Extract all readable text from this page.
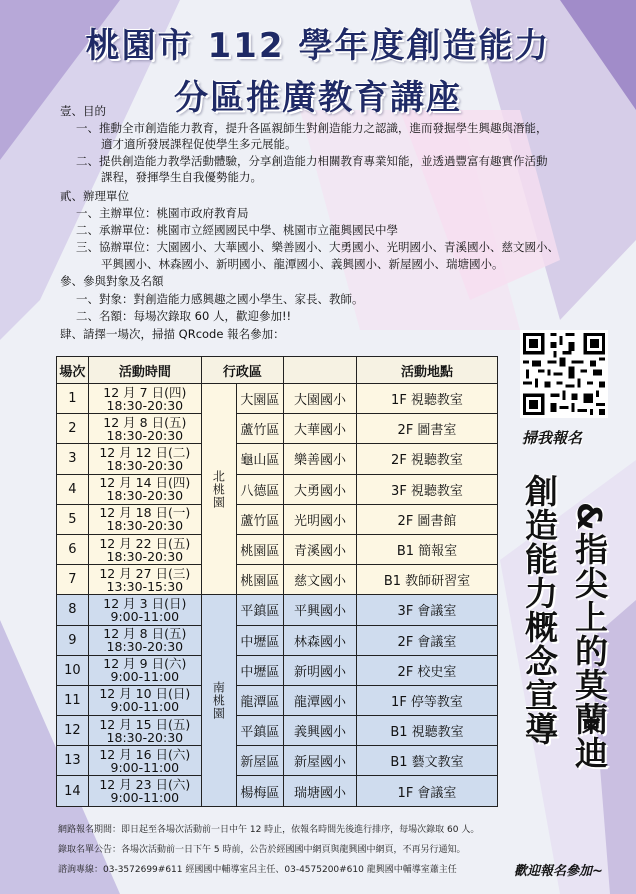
桃園市 112 學年度創造能力
分區推廣教育講座
壹、目的
一、推動全市創造能力教育，提升各區親師生對創造能力之認識，進而發掘學生興趣與潛能，
適才適所發展課程促使學生多元展能。
二、提供創造能力教學活動體驗，分享創造能力相關教育專業知能，並透過豐富有趣實作活動
課程，發揮學生自我優勢能力。
貳、辦理單位
一、主辦單位：桃園市政府教育局
二、承辦單位：桃園市立經國國民中學、桃園市立龍興國民中學
三、協辦單位：大園國小、大華國小、樂善國小、大勇國小、光明國小、青溪國小、慈文國小、
平興國小、林森國小、新明國小、龍潭國小、義興國小、新屋國小、瑞塘國小。
參、參與對象及名額
一、對象：對創造能力感興趣之國小學生、家長、教師。
二、名額：每場次錄取 60 人，歡迎參加!!
肆、請擇一場次，掃描 QRcode 報名參加：
掃我報名
&指尖上的莫蘭迪
創造能力概念宣導
場次	活動時間	行政區			活動地點
1	12 月 7 日(四)
18:30-20:30	北桃園	大園區	大園國小	1F 視聽教室
2	12 月 8 日(五)
18:30-20:30		蘆竹區	大華國小	2F 圖書室
3	12 月 12 日(二)
18:30-20:30		龜山區	樂善國小	2F 視聽教室
4	12 月 14 日(四)
18:30-20:30		八德區	大勇國小	3F 視聽教室
5	12 月 18 日(一)
18:30-20:30		蘆竹區	光明國小	2F 圖書館
6	12 月 22 日(五)
18:30-20:30		桃園區	青溪國小	B1 簡報室
7	12 月 27 日(三)
13:30-15:30		桃園區	慈文國小	B1 教師研習室
8	12 月 3 日(日)
9:00-11:00	南桃園	平鎮區	平興國小	3F 會議室
9	12 月 8 日(五)
18:30-20:30		中壢區	林森國小	2F 會議室
10	12 月 9 日(六)
9:00-11:00		中壢區	新明國小	2F 校史室
11	12 月 10 日(日)
9:00-11:00		龍潭區	龍潭國小	1F 停等教室
12	12 月 15 日(五)
18:30-20:30		平鎮區	義興國小	B1 視聽教室
13	12 月 16 日(六)
9:00-11:00		新屋區	新屋國小	B1 藝文教室
14	12 月 23 日(六)
9:00-11:00		楊梅區	瑞塘國小	1F 會議室
網路報名期間：即日起至各場次活動前一日中午 12 時止，依報名時間先後進行排序，每場次錄取 60 人。
錄取名單公告：各場次活動前一日下午 5 時前，公告於經國國中網頁與龍興國中網頁，不再另行通知。
諮詢專線：03-3572699#611 經國國中輔導室呂主任、03-4575200#610 龍興國中輔導室蕭主任	歡迎報名參加~
